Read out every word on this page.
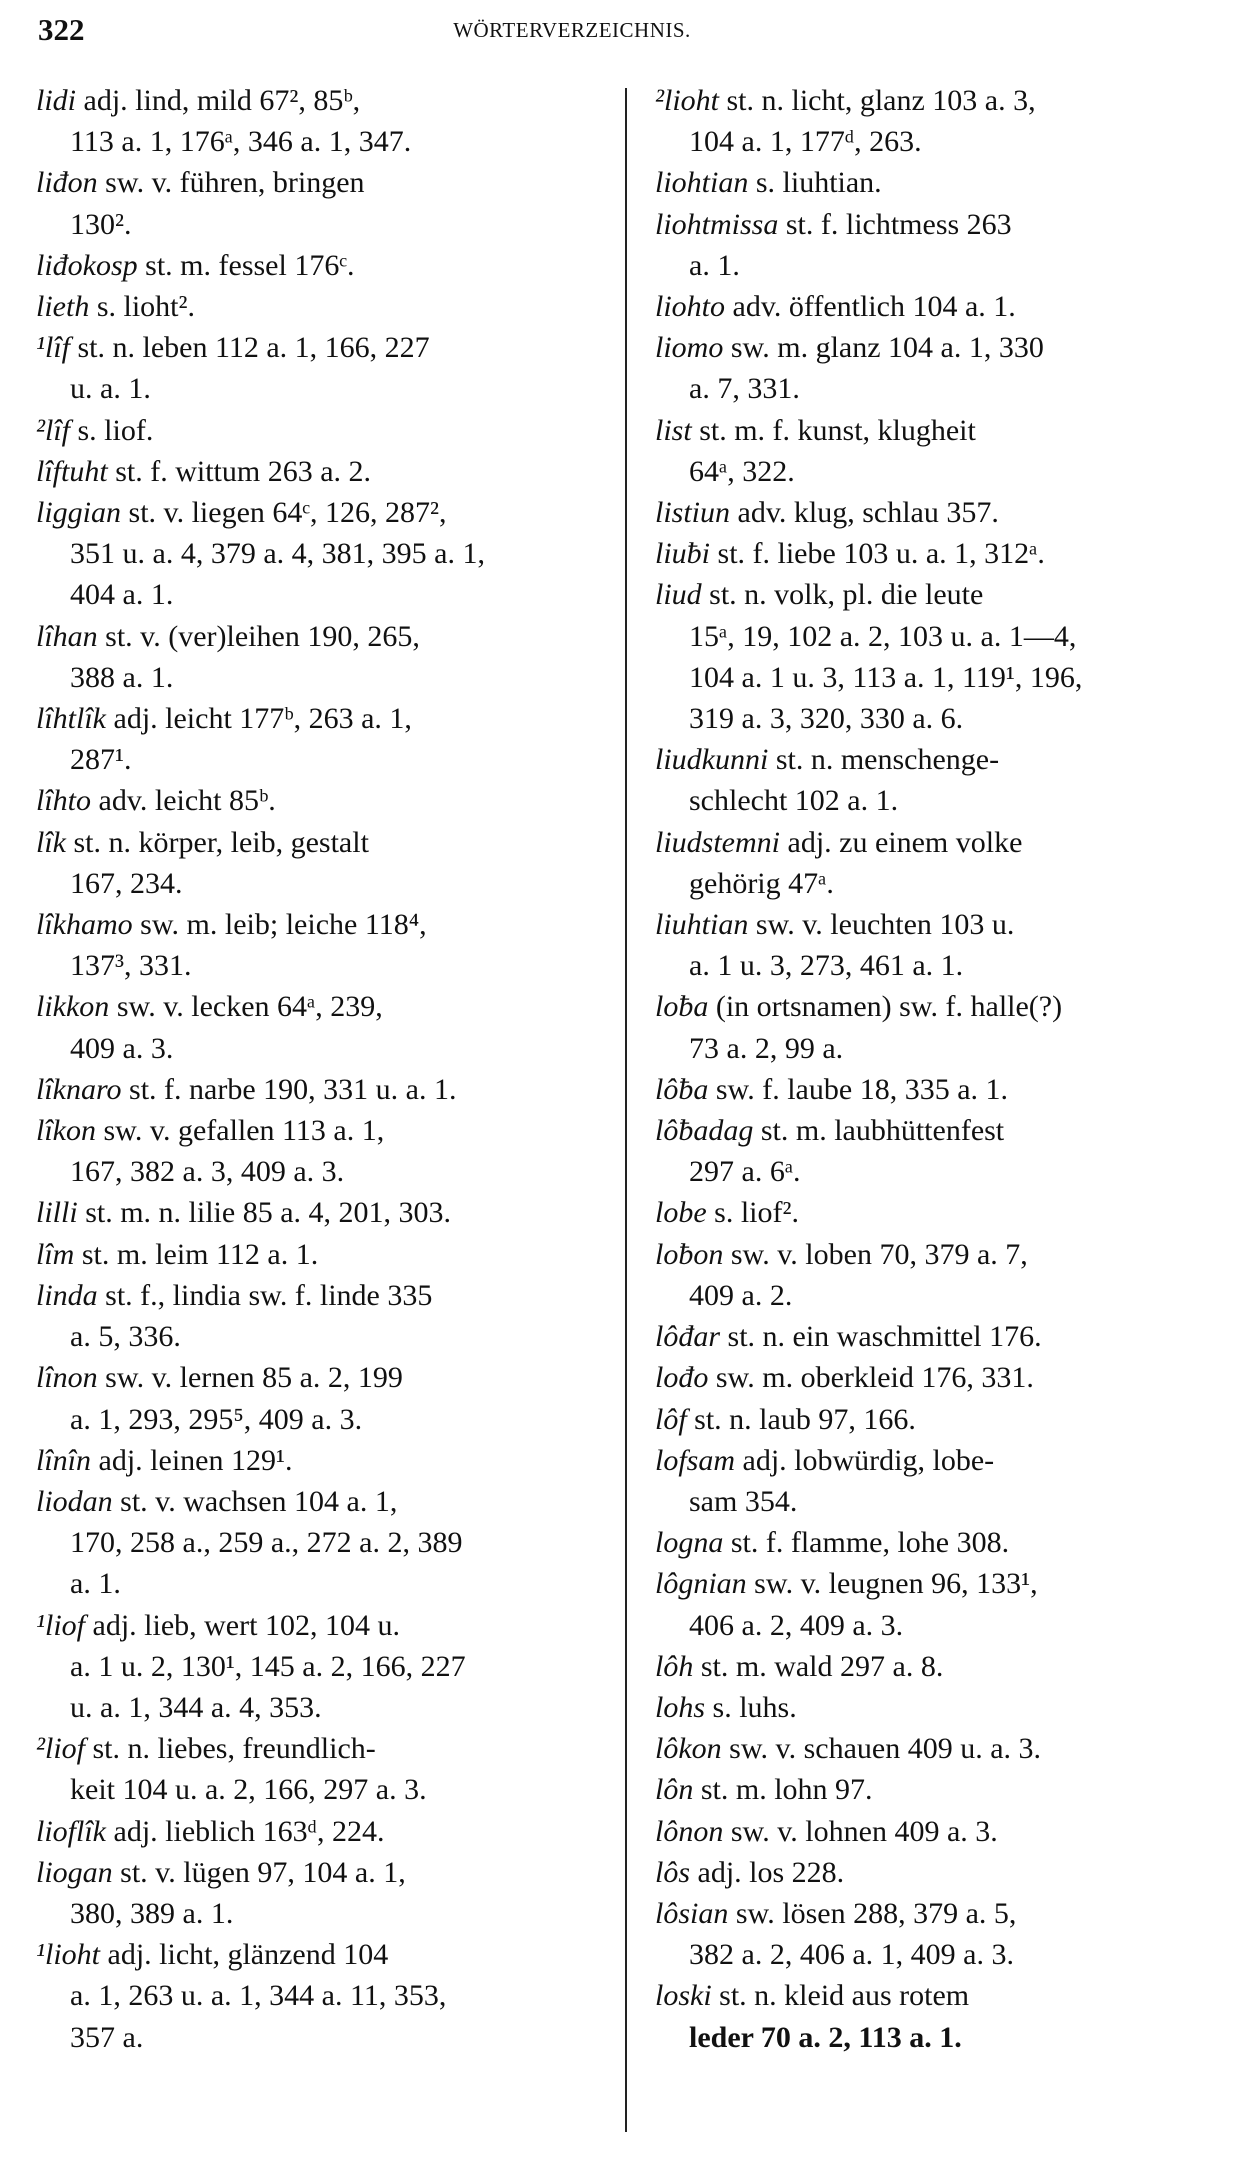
322	WÖRTERVERZEICHNIS.
lidi adj. lind, mild 67², 85ᵇ,
113 a. 1, 176ᵃ, 346 a. 1, 347.
liđon sw. v. führen, bringen
130².
liđokosp st. m. fessel 176ᶜ.
lieth s. lioht².
¹lîf st. n. leben 112 a. 1, 166, 227
u. a. 1.
²lîf s. liof.
lîftuht st. f. wittum 263 a. 2.
liggian st. v. liegen 64ᶜ, 126, 287²,
351 u. a. 4, 379 a. 4, 381, 395 a. 1,
404 a. 1.
lîhan st. v. (ver)leihen 190, 265,
388 a. 1.
lîhtlîk adj. leicht 177ᵇ, 263 a. 1,
287¹.
lîhto adv. leicht 85ᵇ.
lîk st. n. körper, leib, gestalt
167, 234.
lîkhamo sw. m. leib; leiche 118⁴,
137³, 331.
likkon sw. v. lecken 64ᵃ, 239,
409 a. 3.
lîknaro st. f. narbe 190, 331 u. a. 1.
lîkon sw. v. gefallen 113 a. 1,
167, 382 a. 3, 409 a. 3.
lilli st. m. n. lilie 85 a. 4, 201, 303.
lîm st. m. leim 112 a. 1.
linda st. f., lindia sw. f. linde 335
a. 5, 336.
lînon sw. v. lernen 85 a. 2, 199
a. 1, 293, 295⁵, 409 a. 3.
lînîn adj. leinen 129¹.
liodan st. v. wachsen 104 a. 1,
170, 258 a., 259 a., 272 a. 2, 389
a. 1.
¹liof adj. lieb, wert 102, 104 u.
a. 1 u. 2, 130¹, 145 a. 2, 166, 227
u. a. 1, 344 a. 4, 353.
²liof st. n. liebes, freundlich-
keit 104 u. a. 2, 166, 297 a. 3.
lioflîk adj. lieblich 163ᵈ, 224.
liogan st. v. lügen 97, 104 a. 1,
380, 389 a. 1.
¹lioht adj. licht, glänzend 104
a. 1, 263 u. a. 1, 344 a. 11, 353,
357 a.
²lioht st. n. licht, glanz 103 a. 3,
104 a. 1, 177ᵈ, 263.
liohtian s. liuhtian.
liohtmissa st. f. lichtmess 263
a. 1.
liohto adv. öffentlich 104 a. 1.
liomo sw. m. glanz 104 a. 1, 330
a. 7, 331.
list st. m. f. kunst, klugheit
64ᵃ, 322.
listiun adv. klug, schlau 357.
liuƀi st. f. liebe 103 u. a. 1, 312ᵃ.
liud st. n. volk, pl. die leute
15ᵃ, 19, 102 a. 2, 103 u. a. 1—4,
104 a. 1 u. 3, 113 a. 1, 119¹, 196,
319 a. 3, 320, 330 a. 6.
liudkunni st. n. menschenge-
schlecht 102 a. 1.
liudstemni adj. zu einem volke
gehörig 47ᵃ.
liuhtian sw. v. leuchten 103 u.
a. 1 u. 3, 273, 461 a. 1.
loƀa (in ortsnamen) sw. f. halle(?)
73 a. 2, 99 a.
lôƀa sw. f. laube 18, 335 a. 1.
lôƀadag st. m. laubhüttenfest
297 a. 6ᵃ.
lobe s. liof².
loƀon sw. v. loben 70, 379 a. 7,
409 a. 2.
lôđar st. n. ein waschmittel 176.
lođo sw. m. oberkleid 176, 331.
lôf st. n. laub 97, 166.
lofsam adj. lobwürdig, lobe-
sam 354.
logna st. f. flamme, lohe 308.
lôgnian sw. v. leugnen 96, 133¹,
406 a. 2, 409 a. 3.
lôh st. m. wald 297 a. 8.
lohs s. luhs.
lôkon sw. v. schauen 409 u. a. 3.
lôn st. m. lohn 97.
lônon sw. v. lohnen 409 a. 3.
lôs adj. los 228.
lôsian sw. lösen 288, 379 a. 5,
382 a. 2, 406 a. 1, 409 a. 3.
loski st. n. kleid aus rotem
leder 70 a. 2, 113 a. 1.
